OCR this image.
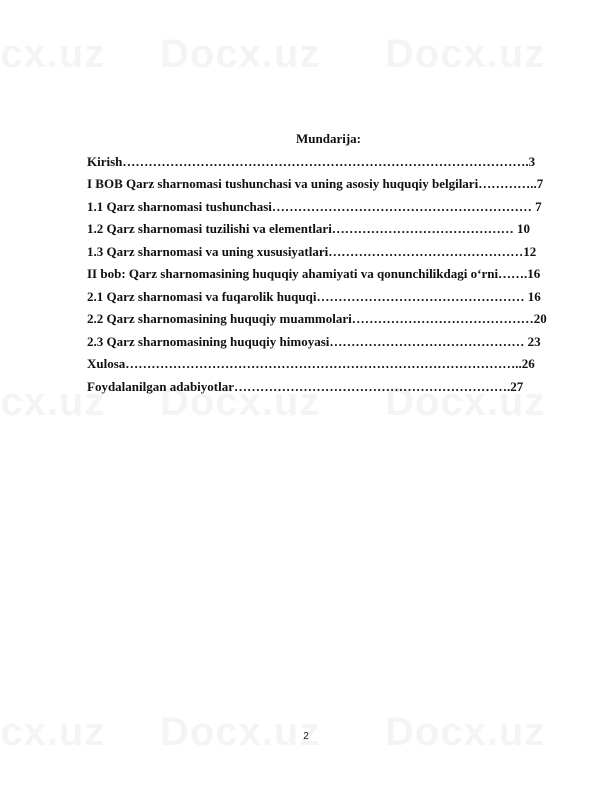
Mundarija:

Kirish………………………………………………………………………………….3

I BOB Qarz sharnomasi tushunchasi va uning asosiy huquqiy belgilari…………..7

1.1 Qarz sharnomasi tushunchasi…………………………………………………… 7

1.2 Qarz sharnomasi tuzilishi va elementlari…………………………………… 10

1.3 Qarz sharnomasi va uning xususiyatlari………………………………………12

II bob: Qarz sharnomasining huquqiy ahamiyati va qonunchilikdagi o‘rni…….16

2.1 Qarz sharnomasi va fuqarolik huquqi………………………………………… 16

2.2 Qarz sharnomasining huquqiy muammolari……………………………………20

2.3 Qarz sharnomasining huquqiy himoyasi……………………………………… 23

Xulosa………………………………………………………………………………..26

Foydalanilgan adabiyotlar……………………………………………………….27

2
